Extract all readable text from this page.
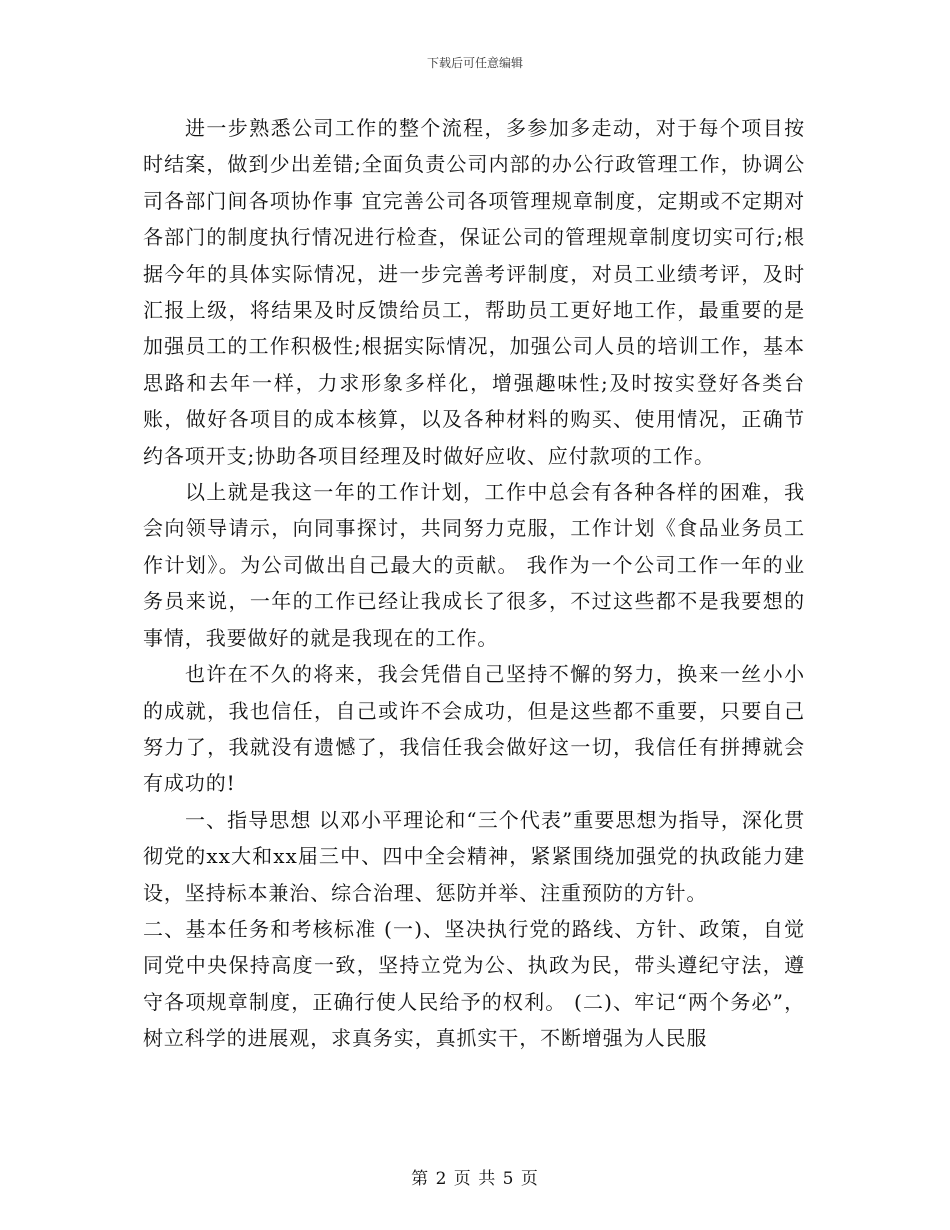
下载后可任意编辑

进一步熟悉公司工作的整个流程，多参加多走动，对于每个项目按时结案，做到少出差错;全面负责公司内部的办公行政管理工作，协调公司各部门间各项协作事 宜完善公司各项管理规章制度，定期或不定期对各部门的制度执行情况进行检查，保证公司的管理规章制度切实可行;根据今年的具体实际情况，进一步完善考评制度，对员工业绩考评，及时汇报上级，将结果及时反馈给员工，帮助员工更好地工作，最重要的是加强员工的工作积极性;根据实际情况，加强公司人员的培训工作，基本思路和去年一样，力求形象多样化，增强趣味性;及时按实登好各类台账，做好各项目的成本核算，以及各种材料的购买、使用情况，正确节约各项开支;协助各项目经理及时做好应收、应付款项的工作。

以上就是我这一年的工作计划，工作中总会有各种各样的困难，我会向领导请示，向同事探讨，共同努力克服，工作计划《食品业务员工作计划》。为公司做出自己最大的贡献。 我作为一个公司工作一年的业务员来说，一年的工作已经让我成长了很多，不过这些都不是我要想的事情，我要做好的就是我现在的工作。

也许在不久的将来，我会凭借自己坚持不懈的努力，换来一丝小小的成就，我也信任，自己或许不会成功，但是这些都不重要，只要自己努力了，我就没有遗憾了，我信任我会做好这一切，我信任有拼搏就会有成功的!

一、指导思想 以邓小平理论和“三个代表”重要思想为指导，深化贯彻党的xx大和xx届三中、四中全会精神，紧紧围绕加强党的执政能力建设，坚持标本兼治、综合治理、惩防并举、注重预防的方针。

二、基本任务和考核标准 (一)、坚决执行党的路线、方针、政策，自觉同党中央保持高度一致，坚持立党为公、执政为民，带头遵纪守法，遵守各项规章制度，正确行使人民给予的权利。 (二)、牢记“两个务必”，树立科学的进展观，求真务实，真抓实干，不断增强为人民服

第 2 页 共 5 页
